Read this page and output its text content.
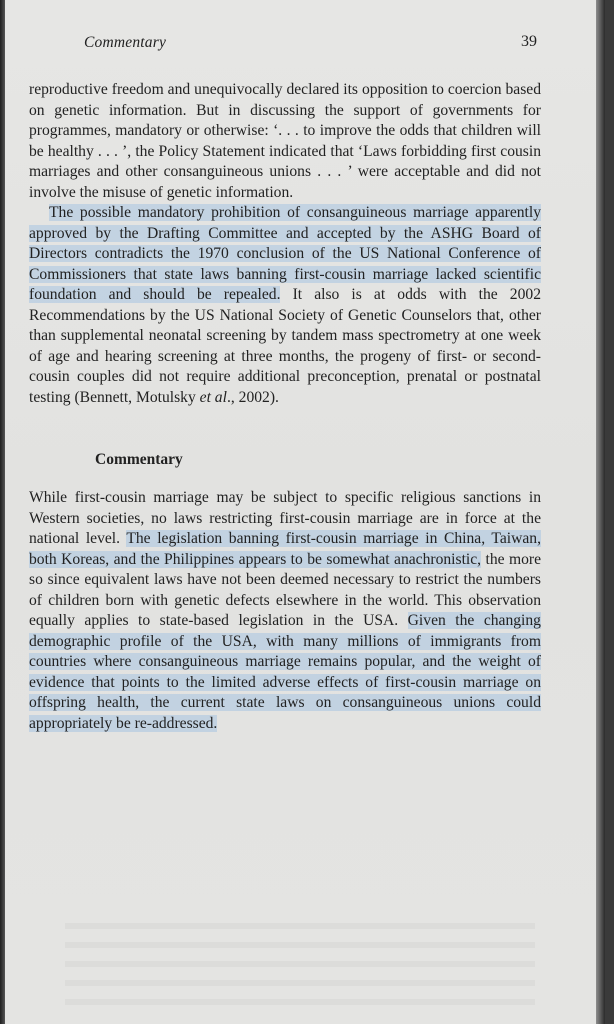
Commentary	39

reproductive freedom and unequivocally declared its opposition to coercion based on genetic information. But in discussing the support of governments for programmes, mandatory or otherwise: ‘. . . to improve the odds that children will be healthy . . . ’, the Policy Statement indicated that ‘Laws forbidding first cousin marriages and other consanguineous unions . . . ’ were acceptable and did not involve the misuse of genetic information.

The possible mandatory prohibition of consanguineous marriage apparently approved by the Drafting Committee and accepted by the ASHG Board of Directors contradicts the 1970 conclusion of the US National Conference of Commissioners that state laws banning first-cousin marriage lacked scientific foundation and should be repealed. It also is at odds with the 2002 Recommendations by the US National Society of Genetic Counselors that, other than supplemental neonatal screening by tandem mass spectrometry at one week of age and hearing screening at three months, the progeny of first- or second-cousin couples did not require additional preconception, prenatal or postnatal testing (Bennett, Motulsky et al., 2002).

Commentary

While first-cousin marriage may be subject to specific religious sanctions in Western societies, no laws restricting first-cousin marriage are in force at the national level. The legislation banning first-cousin marriage in China, Taiwan, both Koreas, and the Philippines appears to be somewhat anachronistic, the more so since equivalent laws have not been deemed necessary to restrict the numbers of children born with genetic defects elsewhere in the world. This observation equally applies to state-based legislation in the USA. Given the changing demographic profile of the USA, with many millions of immigrants from countries where consanguineous marriage remains popular, and the weight of evidence that points to the limited adverse effects of first-cousin marriage on offspring health, the current state laws on consanguineous unions could appropriately be re-addressed.
